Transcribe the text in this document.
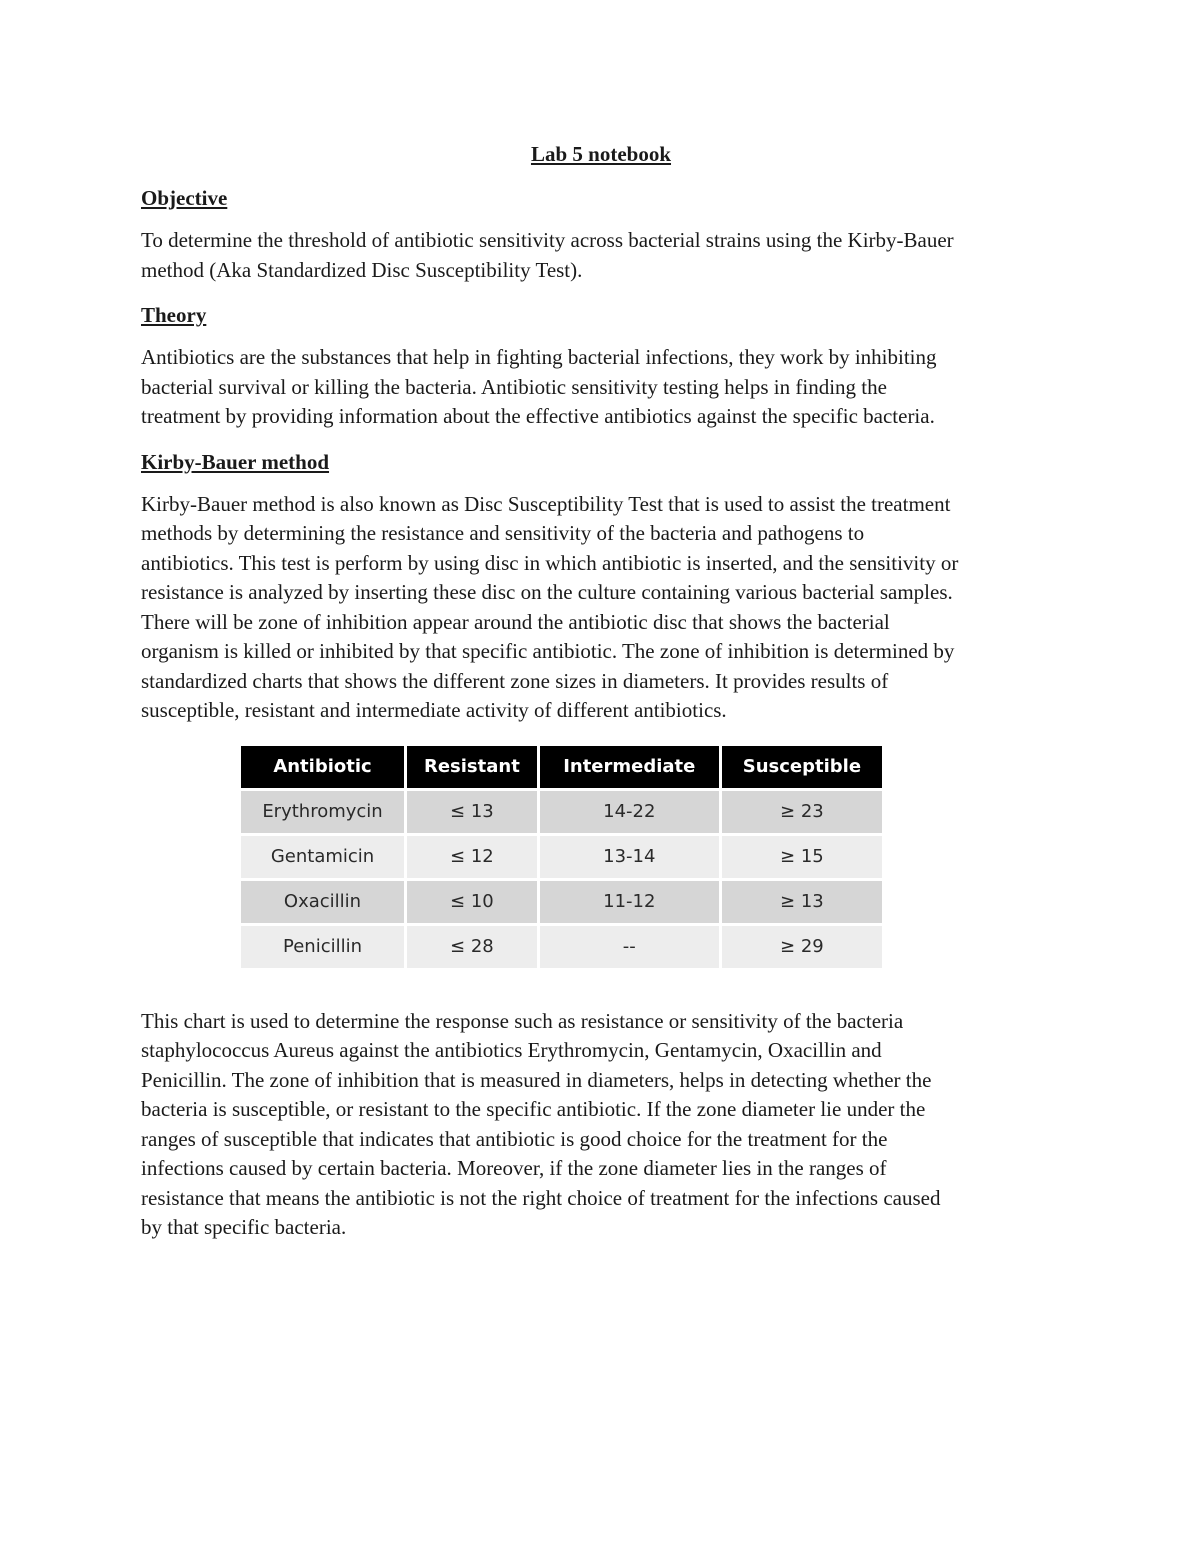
Lab 5 notebook
Objective
To determine the threshold of antibiotic sensitivity across bacterial strains using the Kirby-Bauer
method (Aka Standardized Disc Susceptibility Test).
Theory
Antibiotics are the substances that help in fighting bacterial infections, they work by inhibiting
bacterial survival or killing the bacteria. Antibiotic sensitivity testing helps in finding the
treatment by providing information about the effective antibiotics against the specific bacteria.
Kirby-Bauer method
Kirby-Bauer method is also known as Disc Susceptibility Test that is used to assist the treatment
methods by determining the resistance and sensitivity of the bacteria and pathogens to
antibiotics. This test is perform by using disc in which antibiotic is inserted, and the sensitivity or
resistance is analyzed by inserting these disc on the culture containing various bacterial samples.
There will be zone of inhibition appear around the antibiotic disc that shows the bacterial
organism is killed or inhibited by that specific antibiotic. The zone of inhibition is determined by
standardized charts that shows the different zone sizes in diameters. It provides results of
susceptible, resistant and intermediate activity of different antibiotics.
Antibiotic	Resistant	Intermediate	Susceptible
Erythromycin	≤ 13	14-22	≥ 23
Gentamicin	≤ 12	13-14	≥ 15
Oxacillin	≤ 10	11-12	≥ 13
Penicillin	≤ 28	--	≥ 29
This chart is used to determine the response such as resistance or sensitivity of the bacteria
staphylococcus Aureus against the antibiotics Erythromycin, Gentamycin, Oxacillin and
Penicillin. The zone of inhibition that is measured in diameters, helps in detecting whether the
bacteria is susceptible, or resistant to the specific antibiotic. If the zone diameter lie under the
ranges of susceptible that indicates that antibiotic is good choice for the treatment for the
infections caused by certain bacteria. Moreover, if the zone diameter lies in the ranges of
resistance that means the antibiotic is not the right choice of treatment for the infections caused
by that specific bacteria.
